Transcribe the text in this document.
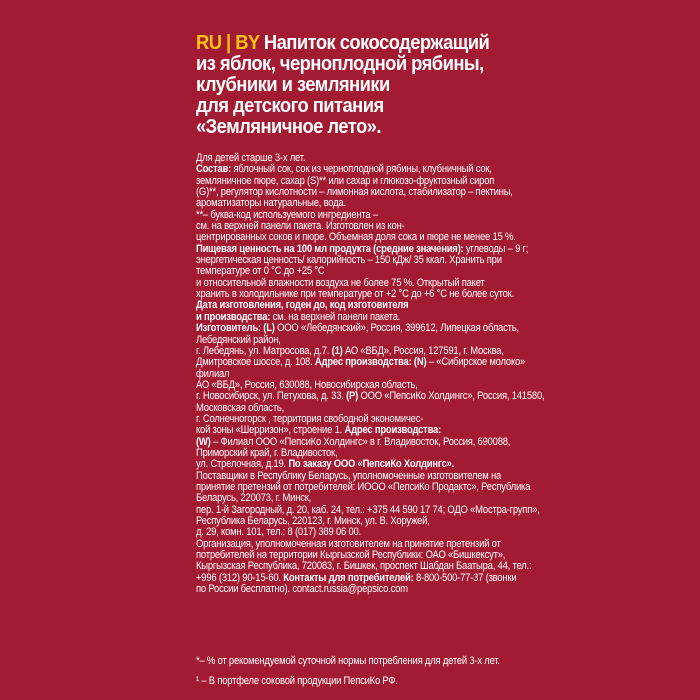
RU | BY Напиток сокосодержащий
из яблок, черноплодной рябины,
клубники и земляники
для детского питания
«Земляничное лето».
Для детей старше 3-х лет.
Состав: яблочный сок, сок из черноплодной рябины, клубничный сок,
земляничное пюре, сахар (S)** или сахар и глюкозо-фруктозный сироп
(G)**, регулятор кислотности – лимонная кислота, стабилизатор – пектины,
ароматизаторы натуральные, вода.
**– буква-код используемого ингредиента –
см. на верхней панели пакета. Изготовлен из кон-
центрированных соков и пюре. Объемная доля сока и пюре не менее 15 %.
Пищевая ценность на 100 мл продукта (средние значения): углеводы – 9 г;
энергетическая ценность/ калорийность – 150 кДж/ 35 ккал. Хранить при
температуре от 0 °С до +25 °С
и относительной влажности воздуха не более 75 %. Открытый пакет
хранить в холодильнике при температуре от +2 °С до +6 °С не более суток.
Дата изготовления, годен до, код изготовителя
и производства: см. на верхней панели пакета.
Изготовитель: (L) ООО «Лебедянский», Россия, 399612, Липецкая область,
Лебедянский район,
г. Лебедянь, ул. Матросова, д.7. (1) АО «ВБД», Россия, 127591, г. Москва,
Дмитровское шоссе, д. 108. Адрес производства: (N) – «Сибирское молоко»
филиал
АО «ВБД», Россия, 630088, Новосибирская область,
г. Новосибирск, ул. Петухова, д. 33. (P) ООО «ПепсиКо Холдингс», Россия, 141580,
Московская область,
г. Солнечногорск , территория свободной экономичес-
кой зоны «Шерризон», строение 1. Адрес производства:
(W) – Филиал ООО «ПепсиКо Холдингс» в г. Владивосток, Россия, 690088,
Приморский край, г. Владивосток,
ул. Стрелочная, д.19. По заказу ООО «ПепсиКо Холдингс».
Поставщики в Республику Беларусь, уполномоченные изготовителем на
принятие претензий от потребителей: ИООО «ПепсиКо Продактс», Республика
Беларусь, 220073, г. Минск,
пер. 1-й Загородный, д. 20, каб. 24, тел.: +375 44 590 17 74; ОДО «Мостра-групп»,
Республика Беларусь, 220123, г. Минск, ул. В. Хоружей,
д. 29, комн. 101, тел.: 8 (017) 389 06 00.
Организация, уполномоченная изготовителем на принятие претензий от
потребителей на территории Кыргызской Республики: ОАО «Бишкексут»,
Кыргызская Республика, 720083, г. Бишкек, проспект Шабдан Баатыра, 44, тел.:
+996 (312) 90-15-60. Контакты для потребителей: 8-800-500-77-37 (звонки
по России бесплатно). contact.russia@pepsico.com
*– % от рекомендуемой суточной нормы потребления для детей 3-х лет.
¹ – В портфеле соковой продукции ПепсиКо РФ.
